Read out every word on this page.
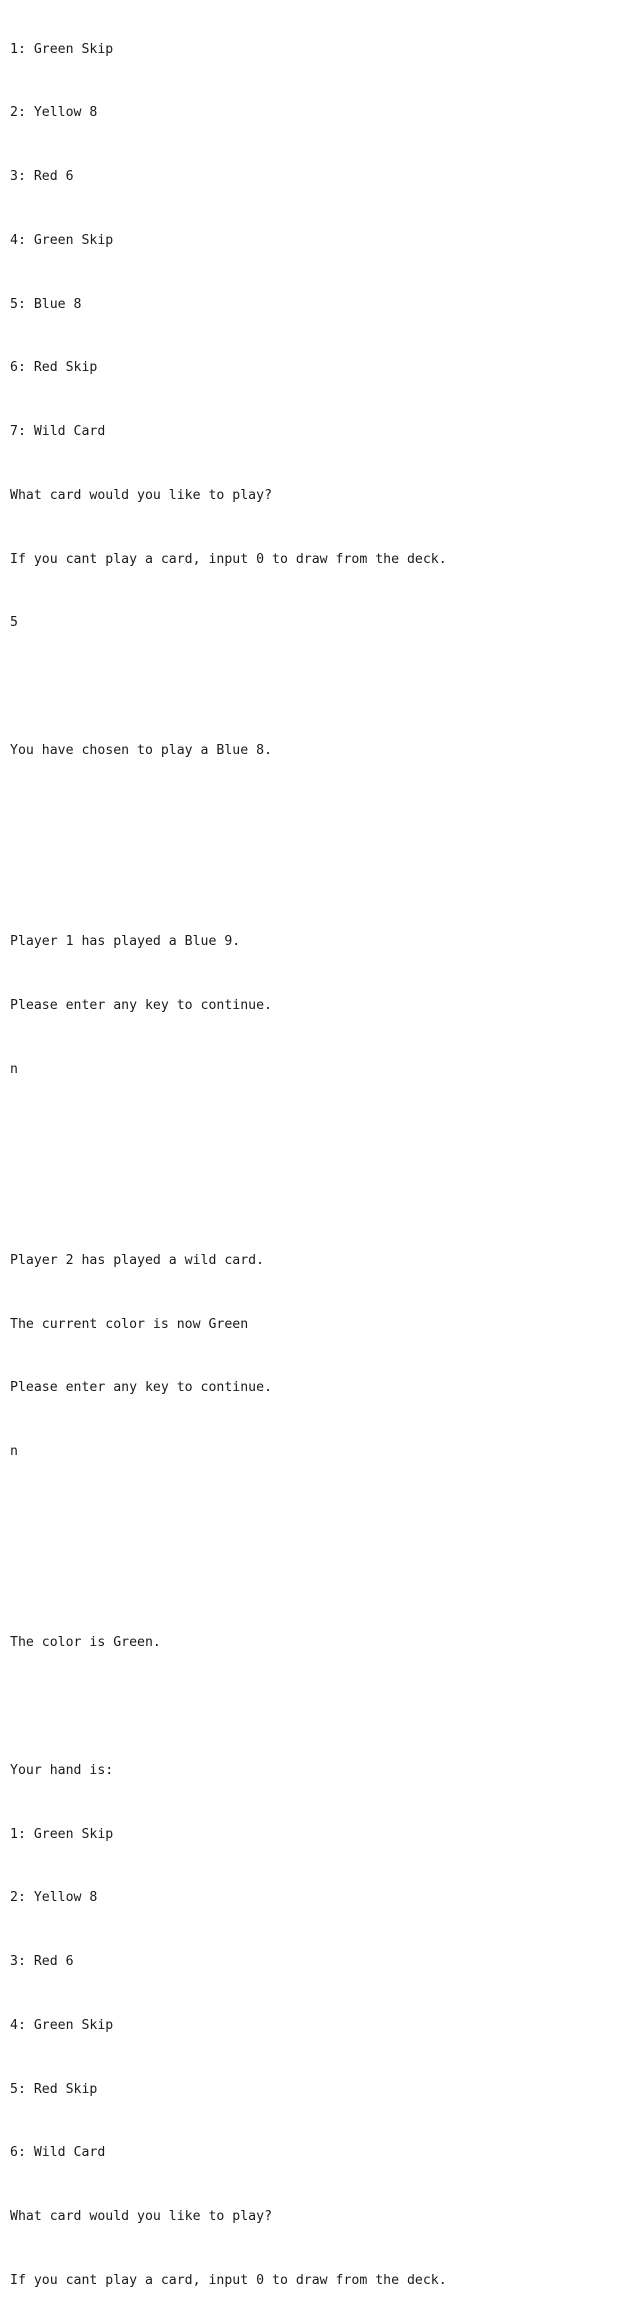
1: Green Skip

2: Yellow 8

3: Red 6

4: Green Skip

5: Blue 8

6: Red Skip

7: Wild Card

What card would you like to play?

If you cant play a card, input 0 to draw from the deck.

5

You have chosen to play a Blue 8.

Player 1 has played a Blue 9.

Please enter any key to continue.

n

Player 2 has played a wild card.

The current color is now Green

Please enter any key to continue.

n

The color is Green.

Your hand is:

1: Green Skip

2: Yellow 8

3: Red 6

4: Green Skip

5: Red Skip

6: Wild Card

What card would you like to play?

If you cant play a card, input 0 to draw from the deck.
